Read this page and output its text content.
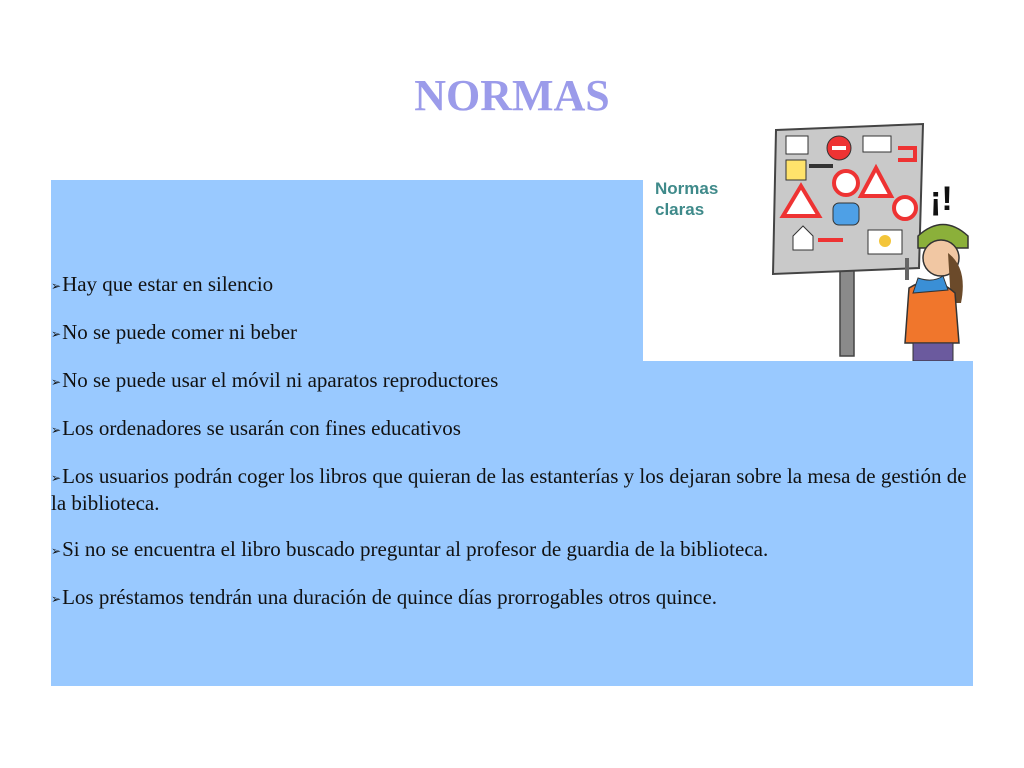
NORMAS
➢Hay que estar en silencio
➢No se puede comer ni beber
➢No se puede usar el móvil ni aparatos reproductores
➢Los ordenadores se usarán con fines educativos
➢Los usuarios podrán coger los libros que quieran de las estanterías y los dejaran sobre la mesa de gestión de la biblioteca.
➢Si no se encuentra el libro buscado preguntar al profesor de guardia de la biblioteca.
➢Los préstamos tendrán una duración de quince días prorrogables otros quince.
Normas
claras	¡!
